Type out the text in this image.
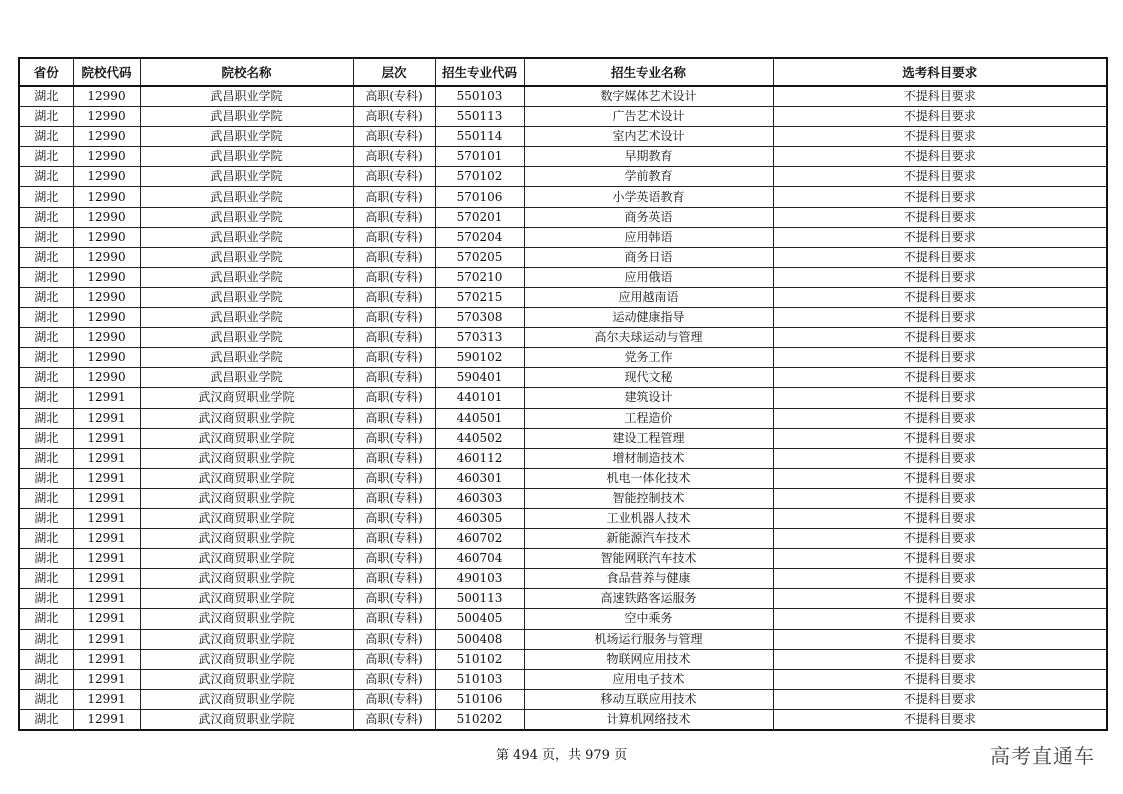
省份	院校代码	院校名称	层次	招生专业代码	招生专业名称	选考科目要求
湖北	12990	武昌职业学院	高职(专科)	550103	数字媒体艺术设计	不提科目要求
湖北	12990	武昌职业学院	高职(专科)	550113	广告艺术设计	不提科目要求
湖北	12990	武昌职业学院	高职(专科)	550114	室内艺术设计	不提科目要求
湖北	12990	武昌职业学院	高职(专科)	570101	早期教育	不提科目要求
湖北	12990	武昌职业学院	高职(专科)	570102	学前教育	不提科目要求
湖北	12990	武昌职业学院	高职(专科)	570106	小学英语教育	不提科目要求
湖北	12990	武昌职业学院	高职(专科)	570201	商务英语	不提科目要求
湖北	12990	武昌职业学院	高职(专科)	570204	应用韩语	不提科目要求
湖北	12990	武昌职业学院	高职(专科)	570205	商务日语	不提科目要求
湖北	12990	武昌职业学院	高职(专科)	570210	应用俄语	不提科目要求
湖北	12990	武昌职业学院	高职(专科)	570215	应用越南语	不提科目要求
湖北	12990	武昌职业学院	高职(专科)	570308	运动健康指导	不提科目要求
湖北	12990	武昌职业学院	高职(专科)	570313	高尔夫球运动与管理	不提科目要求
湖北	12990	武昌职业学院	高职(专科)	590102	党务工作	不提科目要求
湖北	12990	武昌职业学院	高职(专科)	590401	现代文秘	不提科目要求
湖北	12991	武汉商贸职业学院	高职(专科)	440101	建筑设计	不提科目要求
湖北	12991	武汉商贸职业学院	高职(专科)	440501	工程造价	不提科目要求
湖北	12991	武汉商贸职业学院	高职(专科)	440502	建设工程管理	不提科目要求
湖北	12991	武汉商贸职业学院	高职(专科)	460112	增材制造技术	不提科目要求
湖北	12991	武汉商贸职业学院	高职(专科)	460301	机电一体化技术	不提科目要求
湖北	12991	武汉商贸职业学院	高职(专科)	460303	智能控制技术	不提科目要求
湖北	12991	武汉商贸职业学院	高职(专科)	460305	工业机器人技术	不提科目要求
湖北	12991	武汉商贸职业学院	高职(专科)	460702	新能源汽车技术	不提科目要求
湖北	12991	武汉商贸职业学院	高职(专科)	460704	智能网联汽车技术	不提科目要求
湖北	12991	武汉商贸职业学院	高职(专科)	490103	食品营养与健康	不提科目要求
湖北	12991	武汉商贸职业学院	高职(专科)	500113	高速铁路客运服务	不提科目要求
湖北	12991	武汉商贸职业学院	高职(专科)	500405	空中乘务	不提科目要求
湖北	12991	武汉商贸职业学院	高职(专科)	500408	机场运行服务与管理	不提科目要求
湖北	12991	武汉商贸职业学院	高职(专科)	510102	物联网应用技术	不提科目要求
湖北	12991	武汉商贸职业学院	高职(专科)	510103	应用电子技术	不提科目要求
湖北	12991	武汉商贸职业学院	高职(专科)	510106	移动互联应用技术	不提科目要求
湖北	12991	武汉商贸职业学院	高职(专科)	510202	计算机网络技术	不提科目要求
第 494 页，共 979 页	高考直通车
